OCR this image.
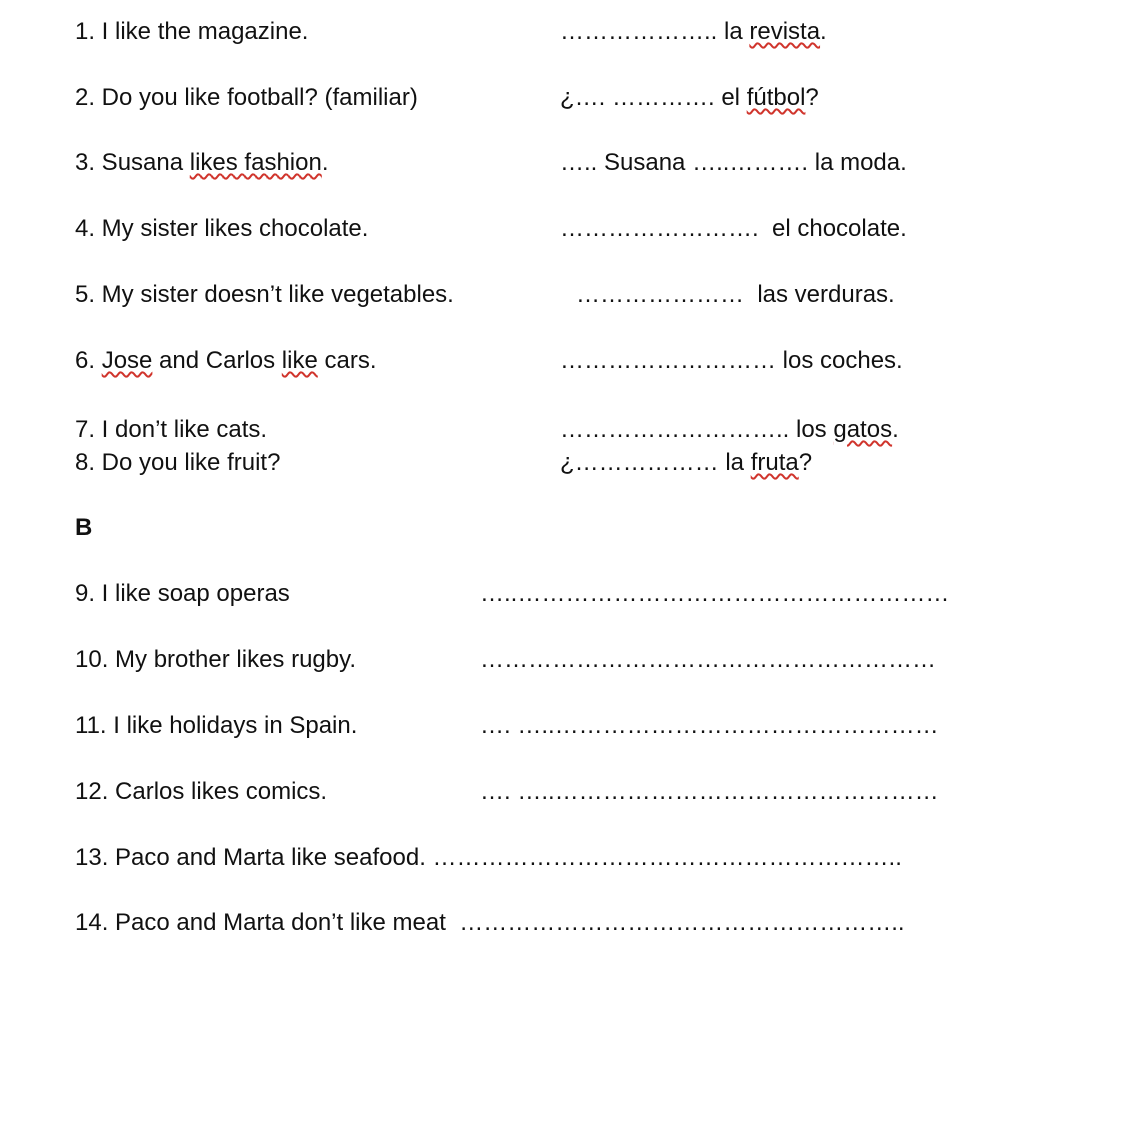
1. I like the magazine.	……………….. la revista.
2. Do you like football? (familiar)	¿…. …………. el fútbol?
3. Susana likes fashion.	….. Susana …..………. la moda.
4. My sister likes chocolate.	…………………….  el chocolate.
5. My sister doesn’t like vegetables.	…………………  las verduras.
6. Jose and Carlos like cars.	……………………… los coches.
7. I don’t like cats.	……………………….. los gatos.
8. Do you like fruit?	¿……………… la fruta?
B
9. I like soap operas	…..………………………………………………
10. My brother likes rugby.	…………………………………………………
11. I like holidays in Spain.	…. …..…………………………………………
12. Carlos likes comics.	…. …..…………………………………………
13. Paco and Marta like seafood. …………………………………………………..
14. Paco and Marta don’t like meat  ………………………………………………..
